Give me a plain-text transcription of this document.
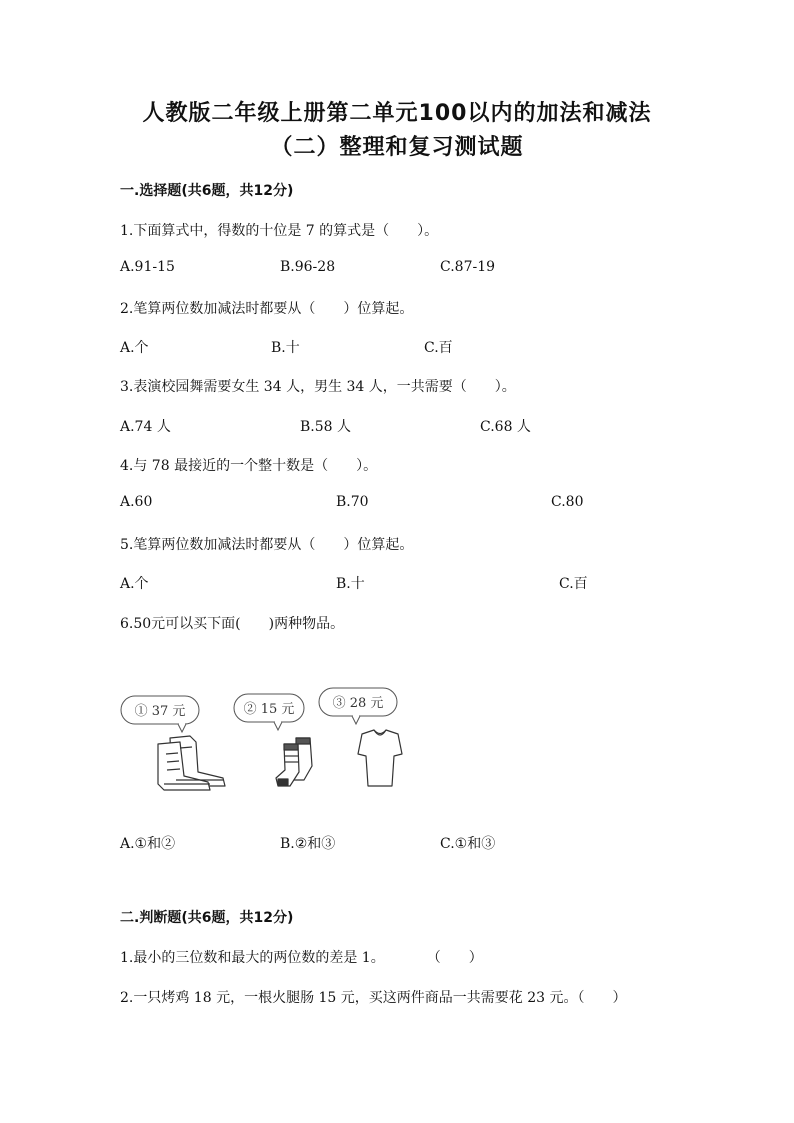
人教版二年级上册第二单元100以内的加法和减法
（二）整理和复习测试题
一.选择题(共6题，共12分)
1.下面算式中，得数的十位是 7 的算式是（　　）。
A.91-15	B.96-28	C.87-19
2.笔算两位数加减法时都要从（　　）位算起。
A.个	B.十	C.百
3.表演校园舞需要女生 34 人，男生 34 人，一共需要（　　）。
A.74 人	B.58 人	C.68 人
4.与 78 最接近的一个整十数是（　　）。
A.60	B.70	C.80
5.笔算两位数加减法时都要从（　　）位算起。
A.个	B.十	C.百
6.50元可以买下面(　　)两种物品。
① 37 元	② 15 元	③ 28 元
A.①和②	B.②和③	C.①和③
二.判断题(共6题，共12分)
1.最小的三位数和最大的两位数的差是 1。　　　　（　　）
2.一只烤鸡 18 元，一根火腿肠 15 元，买这两件商品一共需要花 23 元。（　　）
